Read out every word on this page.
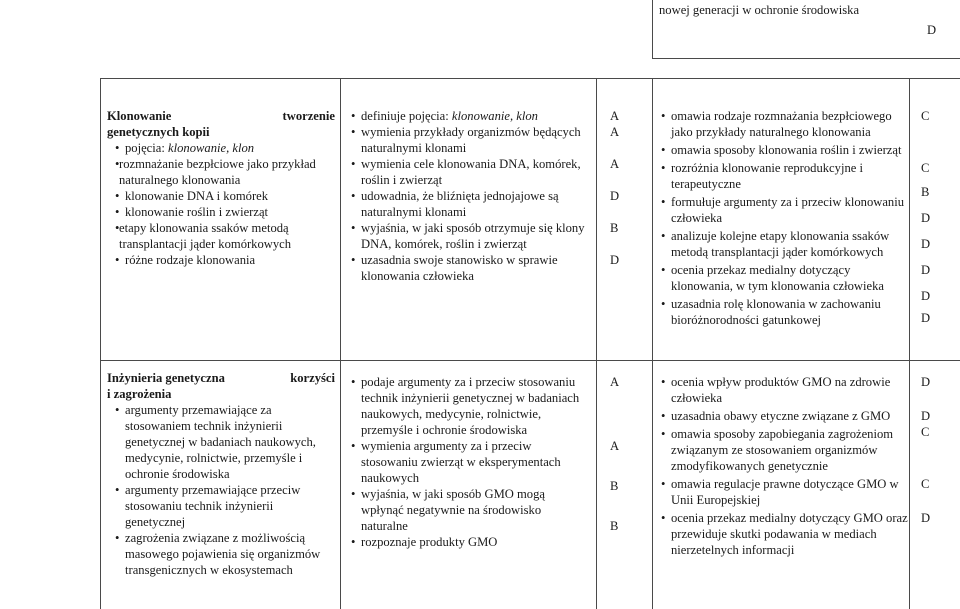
nowej generacji w ochronie środowiska
D
Klonowanie	tworzenie
genetycznych kopii
• pojęcia: klonowanie, klon
• rozmnażanie bezpłciowe jako przykład naturalnego klonowania
• klonowanie DNA i komórek
• klonowanie roślin i zwierząt
• etapy klonowania ssaków metodą transplantacji jąder komórkowych
• różne rodzaje klonowania
• definiuje pojęcia: klonowanie, klon
• wymienia przykłady organizmów będących naturalnymi klonami
• wymienia cele klonowania DNA, komórek, roślin i zwierząt
• udowadnia, że bliźnięta jednojajowe są naturalnymi klonami
• wyjaśnia, w jaki sposób otrzymuje się klony DNA, komórek, roślin i zwierząt
• uzasadnia swoje stanowisko w sprawie klonowania człowieka
A
A
A
D
B
D
• omawia rodzaje rozmnażania bezpłciowego jako przykłady naturalnego klonowania
• omawia sposoby klonowania roślin i zwierząt
• rozróżnia klonowanie reprodukcyjne i terapeutyczne
• formułuje argumenty za i przeciw klonowaniu człowieka
• analizuje kolejne etapy klonowania ssaków metodą transplantacji jąder komórkowych
• ocenia przekaz medialny dotyczący klonowania, w tym klonowania człowieka
• uzasadnia rolę klonowania w zachowaniu bioróżnorodności gatunkowej
C
C
B
D
D
D
D
D
Inżynieria genetyczna	korzyści
i zagrożenia
• argumenty przemawiające za stosowaniem technik inżynierii genetycznej w badaniach naukowych, medycynie, rolnictwie, przemyśle i ochronie środowiska
• argumenty przemawiające przeciw stosowaniu technik inżynierii genetycznej
• zagrożenia związane z możliwością masowego pojawienia się organizmów transgenicznych w ekosystemach
• podaje argumenty za i przeciw stosowaniu technik inżynierii genetycznej w badaniach naukowych, medycynie, rolnictwie, przemyśle i ochronie środowiska
• wymienia argumenty za i przeciw stosowaniu zwierząt w eksperymentach naukowych
• wyjaśnia, w jaki sposób GMO mogą wpłynąć negatywnie na środowisko naturalne
• rozpoznaje produkty GMO
A
A
B
B
• ocenia wpływ produktów GMO na zdrowie człowieka
• uzasadnia obawy etyczne związane z GMO
• omawia sposoby zapobiegania zagrożeniom związanym ze stosowaniem organizmów zmodyfikowanych genetycznie
• omawia regulacje prawne dotyczące GMO w Unii Europejskiej
• ocenia przekaz medialny dotyczący GMO oraz przewiduje skutki podawania w mediach nierzetelnych informacji
D
D
C
C
D
